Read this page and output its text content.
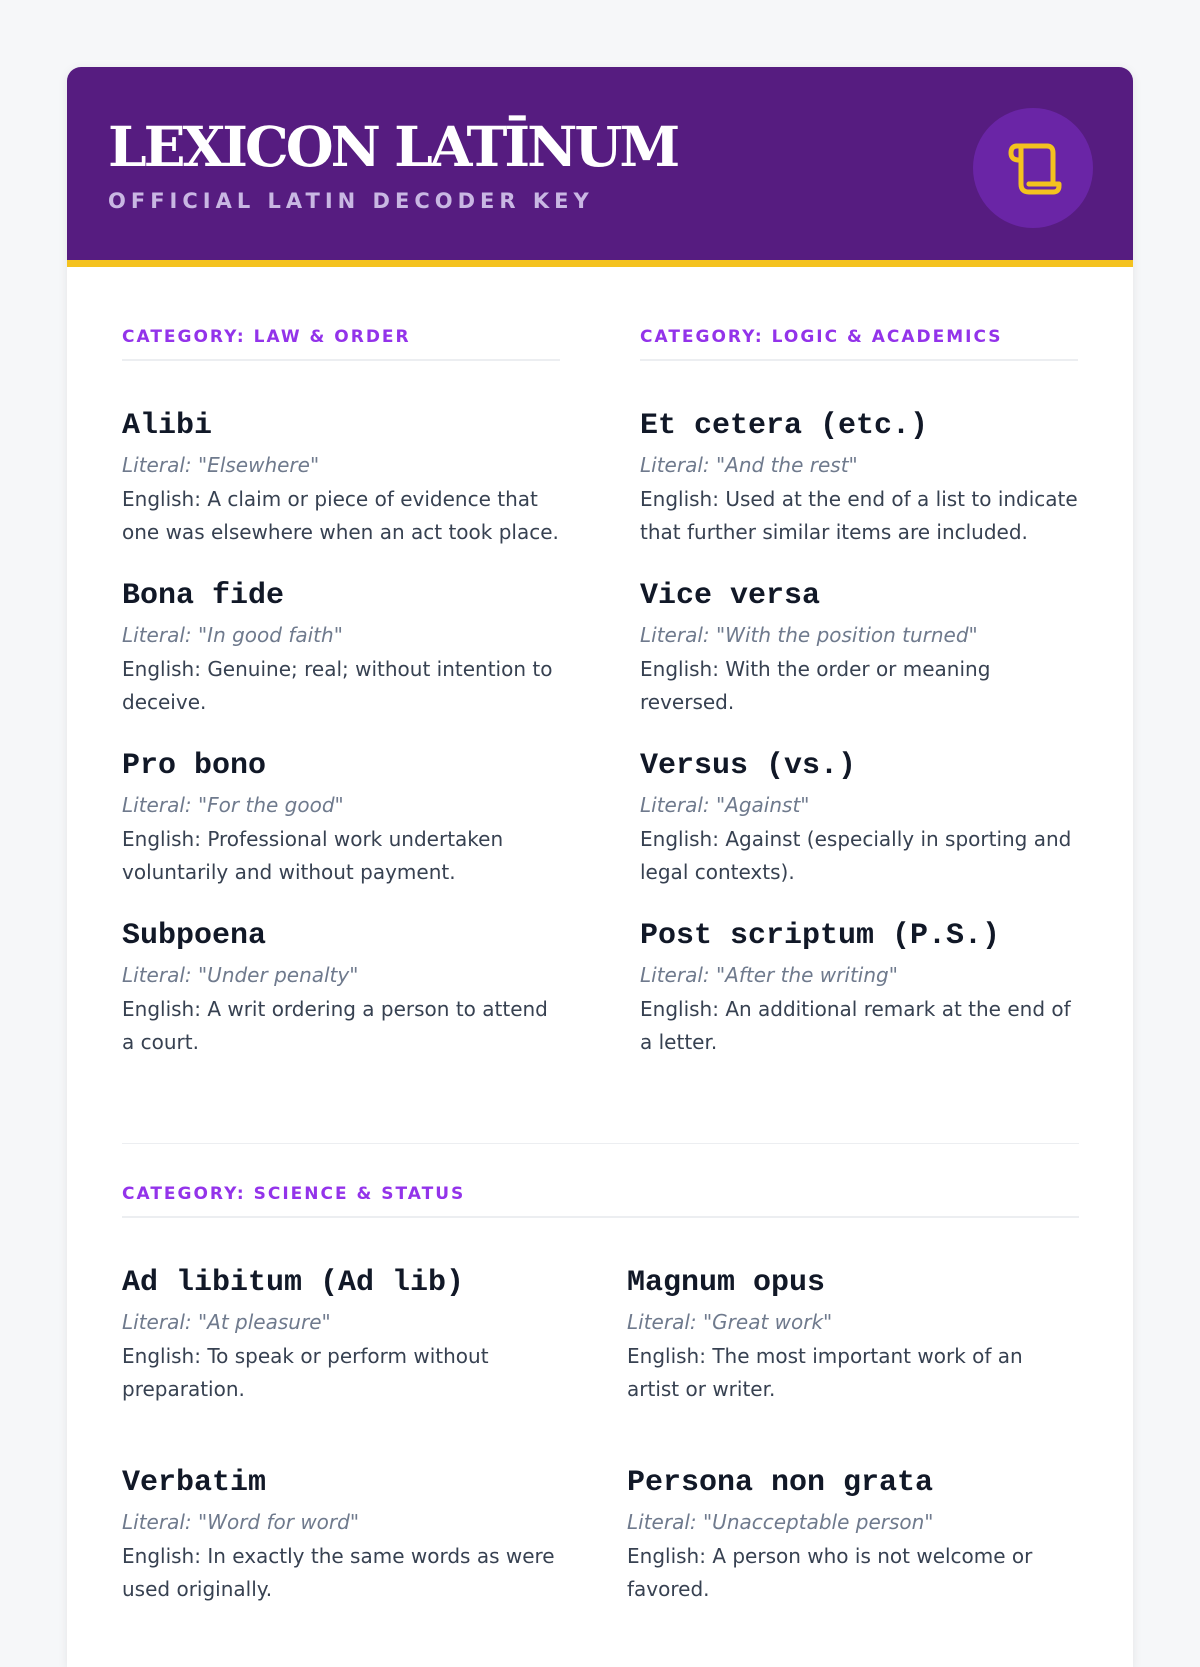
LEXICON LATĪNUM
OFFICIAL LATIN DECODER KEY
CATEGORY: LAW & ORDER
Alibi
Literal: "Elsewhere"
English: A claim or piece of evidence that one was elsewhere when an act took place.
Bona fide
Literal: "In good faith"
English: Genuine; real; without intention to deceive.
Pro bono
Literal: "For the good"
English: Professional work undertaken voluntarily and without payment.
Subpoena
Literal: "Under penalty"
English: A writ ordering a person to attend a court.
CATEGORY: LOGIC & ACADEMICS
Et cetera (etc.)
Literal: "And the rest"
English: Used at the end of a list to indicate that further similar items are included.
Vice versa
Literal: "With the position turned"
English: With the order or meaning reversed.
Versus (vs.)
Literal: "Against"
English: Against (especially in sporting and legal contexts).
Post scriptum (P.S.)
Literal: "After the writing"
English: An additional remark at the end of a letter.
CATEGORY: SCIENCE & STATUS
Ad libitum (Ad lib)
Literal: "At pleasure"
English: To speak or perform without preparation.
Magnum opus
Literal: "Great work"
English: The most important work of an artist or writer.
Verbatim
Literal: "Word for word"
English: In exactly the same words as were used originally.
Persona non grata
Literal: "Unacceptable person"
English: A person who is not welcome or favored.
